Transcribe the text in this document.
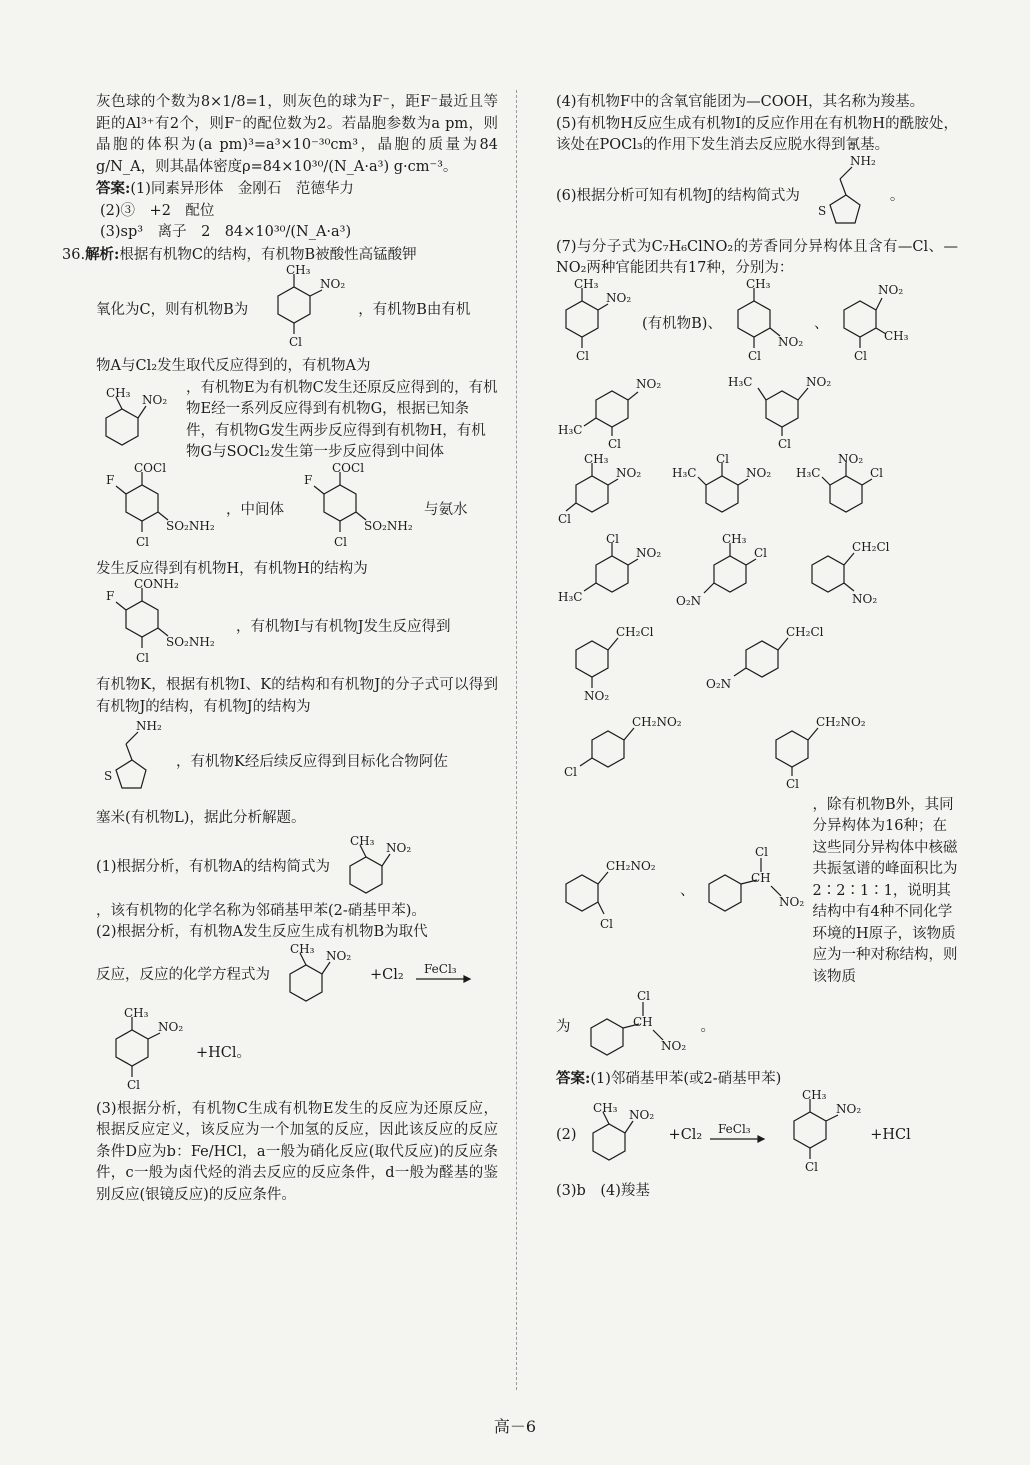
灰色球的个数为8×1/8=1，则灰色的球为F⁻，距F⁻最近且等距的Al³⁺有2个，则F⁻的配位数为2。若晶胞参数为a pm，则晶胞的体积为(a pm)³=a³×10⁻³⁰cm³，晶胞的质量为84 g/N_A，则其晶体密度ρ=84×10³⁰/(N_A·a³) g·cm⁻³。

答案:(1)同素异形体　金刚石　范德华力

(2)③　+2　配位

(3)sp³　离子　2　84×10³⁰/(N_A·a³)

36.解析:根据有机物C的结构，有机物B被酸性高锰酸钾

氧化为C，则有机物B为
CH₃
NO₂
Cl
，有机物B由有机

物A与Cl₂发生取代反应得到的，有机物A为

CH₃ NO₂
，有机物E为有机物C发生还原反应得到的，有机物E经一系列反应得到有机物G，根据已知条件，有机物G发生两步反应得到有机物H，有机物G与SOCl₂发生第一步反应得到中间体
COCl
F
SO₂NH₂
Cl
，中间体
COCl
F
SO₂NH₂
Cl
与氨水

发生反应得到有机物H，有机物H的结构为

CONH₂
F
SO₂NH₂
Cl
，有机物I与有机物J发生反应得到

有机物K，根据有机物I、K的结构和有机物J的分子式可以得到有机物J的结构，有机物J的结构为

NH₂
S
，有机物K经后续反应得到目标化合物阿佐

塞米(有机物L)，据此分析解题。

(1)根据分析，有机物A的结构简式为
CH₃ NO₂

，该有机物的化学名称为邻硝基甲苯(2-硝基甲苯)。

(2)根据分析，有机物A发生反应生成有机物B为取代

反应，反应的化学方程式为
CH₃ NO₂
+Cl₂ FeCl₃
CH₃
NO₂
Cl
+HCl。

(3)根据分析，有机物C生成有机物E发生的反应为还原反应，根据反应定义，该反应为一个加氢的反应，因此该反应的反应条件D应为b：Fe/HCl，a一般为硝化反应(取代反应)的反应条件，c一般为卤代烃的消去反应的反应条件，d一般为醛基的鉴别反应(银镜反应)的反应条件。

(4)有机物F中的含氧官能团为—COOH，其名称为羧基。

(5)有机物H反应生成有机物I的反应作用在有机物H的酰胺处，该处在POCl₃的作用下发生消去反应脱水得到氰基。

(6)根据分析可知有机物J的结构简式为
NH₂
S
。

(7)与分子式为C₇H₆ClNO₂的芳香同分异构体且含有—Cl、—NO₂两种官能团共有17种，分别为：

CH₃
NO₂
Cl
(有机物B)、
CH₃
NO₂
Cl
、
NO₂
CH₃
Cl
NO₂
H₃C
Cl
H₃C	NO₂
Cl
CH₃
NO₂
Cl
H₃C
Cl
NO₂ H₃C
NO₂
Cl
Cl
NO₂
H₃C
CH₃
Cl
O₂N
CH₂Cl
NO₂
CH₂Cl
NO₂
CH₂Cl
O₂N
CH₂NO₂
Cl
CH₂NO₂
Cl
CH₂NO₂
Cl
、
CH
Cl
NO₂
，除有机物B外，其同分异构体为16种；在这些同分异构体中核磁共振氢谱的峰面积比为2∶2∶1∶1，说明其结构中有4种不同化学环境的H原子，该物质应为一种对称结构，则该物质
为	CH
Cl
NO₂
。

答案:(1)邻硝基甲苯(或2-硝基甲苯)

(2)
CH₃ NO₂
+Cl₂ FeCl₃
CH₃
NO₂
Cl
+HCl

(3)b　(4)羧基

高－6
